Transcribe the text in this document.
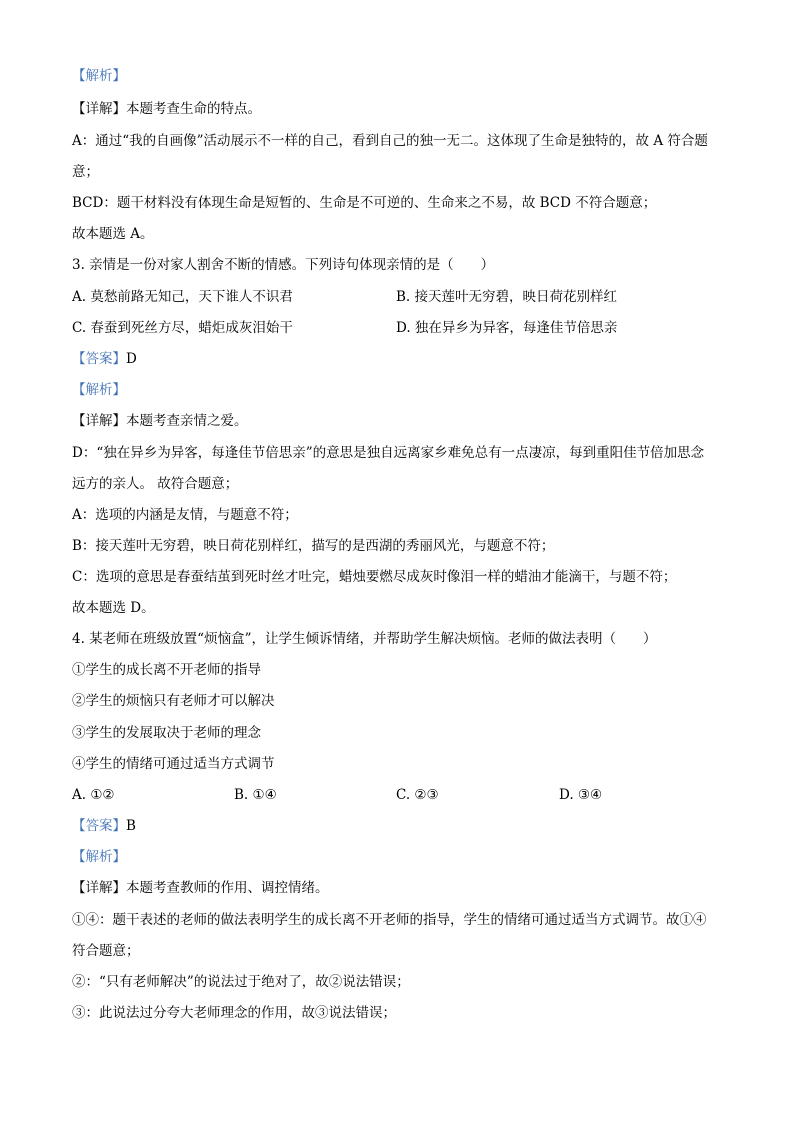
【解析】
【详解】本题考查生命的特点。
A：通过“我的自画像”活动展示不一样的自己，看到自己的独一无二。这体现了生命是独特的，故 A 符合题
意；
BCD：题干材料没有体现生命是短暂的、生命是不可逆的、生命来之不易，故 BCD 不符合题意；
故本题选 A。
3. 亲情是一份对家人割舍不断的情感。下列诗句体现亲情的是（　　）
A. 莫愁前路无知己，天下谁人不识君	B. 接天莲叶无穷碧，映日荷花别样红
C. 春蚕到死丝方尽，蜡炬成灰泪始干	D. 独在异乡为异客，每逢佳节倍思亲
【答案】D
【解析】
【详解】本题考查亲情之爱。
D：“独在异乡为异客，每逢佳节倍思亲”的意思是独自远离家乡难免总有一点凄凉，每到重阳佳节倍加思念
远方的亲人。 故符合题意；
A：选项的内涵是友情，与题意不符；
B：接天莲叶无穷碧，映日荷花别样红，描写的是西湖的秀丽风光，与题意不符；
C：选项的意思是春蚕结茧到死时丝才吐完，蜡烛要燃尽成灰时像泪一样的蜡油才能滴干，与题不符；
故本题选 D。
4. 某老师在班级放置“烦恼盒”，让学生倾诉情绪，并帮助学生解决烦恼。老师的做法表明（　　）
①学生的成长离不开老师的指导
②学生的烦恼只有老师才可以解决
③学生的发展取决于老师的理念
④学生的情绪可通过适当方式调节
A. ①②	B. ①④	C. ②③	D. ③④
【答案】B
【解析】
【详解】本题考查教师的作用、调控情绪。
①④：题干表述的老师的做法表明学生的成长离不开老师的指导，学生的情绪可通过适当方式调节。故①④
符合题意；
②：“只有老师解决”的说法过于绝对了，故②说法错误；
③：此说法过分夸大老师理念的作用，故③说法错误；
